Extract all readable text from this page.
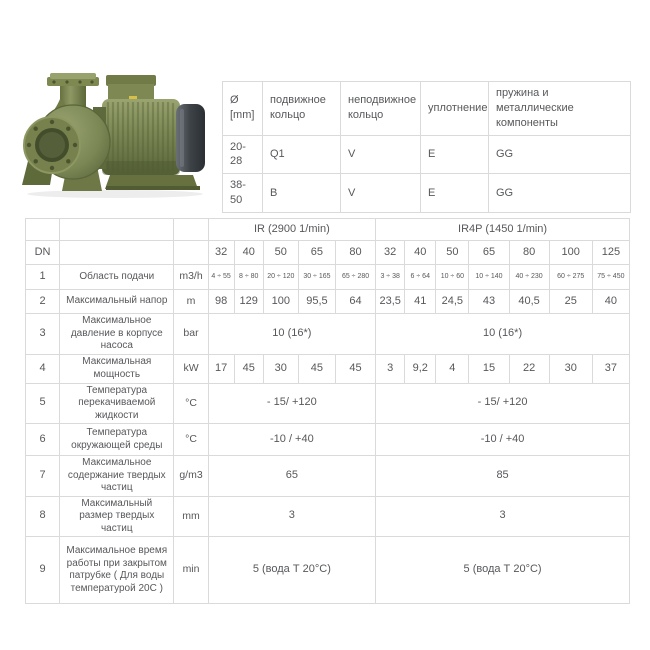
Ø [mm]	подвижное кольцо	неподвижное кольцо	уплотнение	пружина и металлические компоненты
20-28	Q1	V	E	GG
38-50	B	V	E	GG
			IR (2900 1/min)					IR4P (1450 1/min)						
DN			32	40	50	65	80	32	40	50	65	80	100	125
1	Область подачи	m3/h	4 ÷ 55	8 ÷ 80	20 ÷ 120	30 ÷ 165	65 ÷ 280	3 ÷ 38	6 ÷ 64	10 ÷ 60	10 ÷ 140	40 ÷ 230	60 ÷ 275	75 ÷ 450
2	Максимальный напор	m	98	129	100	95,5	64	23,5	41	24,5	43	40,5	25	40
3	Максимальное давление в корпусе насоса	bar	10 (16*)					10 (16*)						
4	Максимальная мощность	kW	17	45	30	45	45	3	9,2	4	15	22	30	37
5	Температура перекачиваемой жидкости	°C	- 15/ +120					- 15/ +120						
6	Температура окружающей среды	°C	-10 / +40					-10 / +40						
7	Максимальное содержание твердых частиц	g/m3	65					85						
8	Максимальный размер твердых частиц	mm	3					3						
9	Максимальное время работы при закрытом патрубке ( Для воды температурой 20С )	min	5 (вода Т 20°C)					5 (вода Т 20°C)						
